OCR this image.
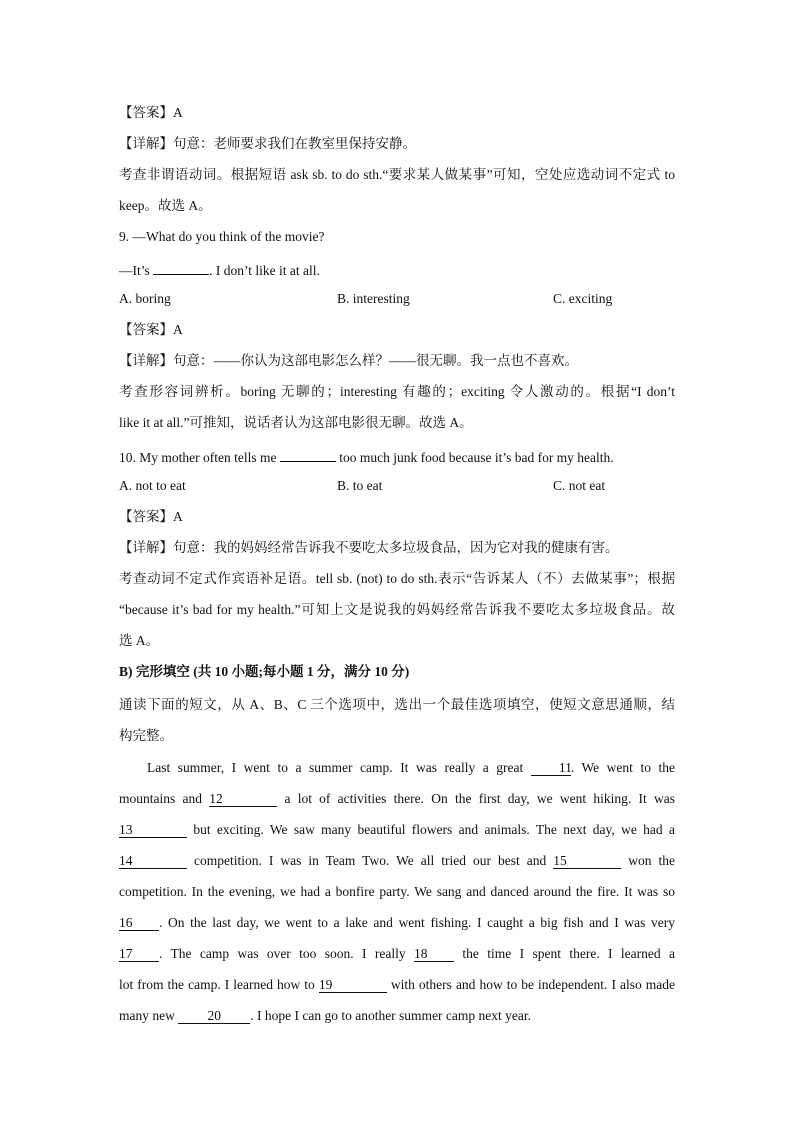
【答案】A
【详解】句意：老师要求我们在教室里保持安静。
考查非谓语动词。根据短语 ask sb. to do sth.“要求某人做某事”可知，空处应选动词不定式 to
keep。故选 A。
9. —What do you think of the movie?
—It’s	. I don’t like it at all.
A. boring	B. interesting	C. exciting
【答案】A
【详解】句意：——你认为这部电影怎么样？——很无聊。我一点也不喜欢。
考查形容词辨析。boring 无聊的；interesting 有趣的；exciting 令人激动的。根据“I don’t
like it at all.”可推知，说话者认为这部电影很无聊。故选 A。
10. My mother often tells me	too much junk food because it’s bad for my health.
A. not to eat	B. to eat	C. not eat
【答案】A
【详解】句意：我的妈妈经常告诉我不要吃太多垃圾食品，因为它对我的健康有害。
考查动词不定式作宾语补足语。tell sb. (not) to do sth.表示“告诉某人（不）去做某事”；根据
“because it’s bad for my health.”可知上文是说我的妈妈经常告诉我不要吃太多垃圾食品。故
选 A。
B) 完形填空 (共 10 小题;每小题 1 分，满分 10 分)
通读下面的短文，从 A、B、C 三个选项中，选出一个最佳选项填空，使短文意思通顺，结
构完整。
Last summer, I went to a summer camp. It was really a great 11. We went to the
mountains and 12	a lot of activities there. On the first day, we went hiking. It was
13	but exciting. We saw many beautiful flowers and animals. The next day, we had a
14	competition. I was in Team Two. We all tried our best and 15	won the
competition. In the evening, we had a bonfire party. We sang and danced around the fire. It was so
16 . On the last day, we went to a lake and went fishing. I caught a big fish and I was very
17 . The camp was over too soon. I really 18 the time I spent there. I learned a
lot from the camp. I learned how to 19	with others and how to be independent. I also made
many new 20 . I hope I can go to another summer camp next year.
